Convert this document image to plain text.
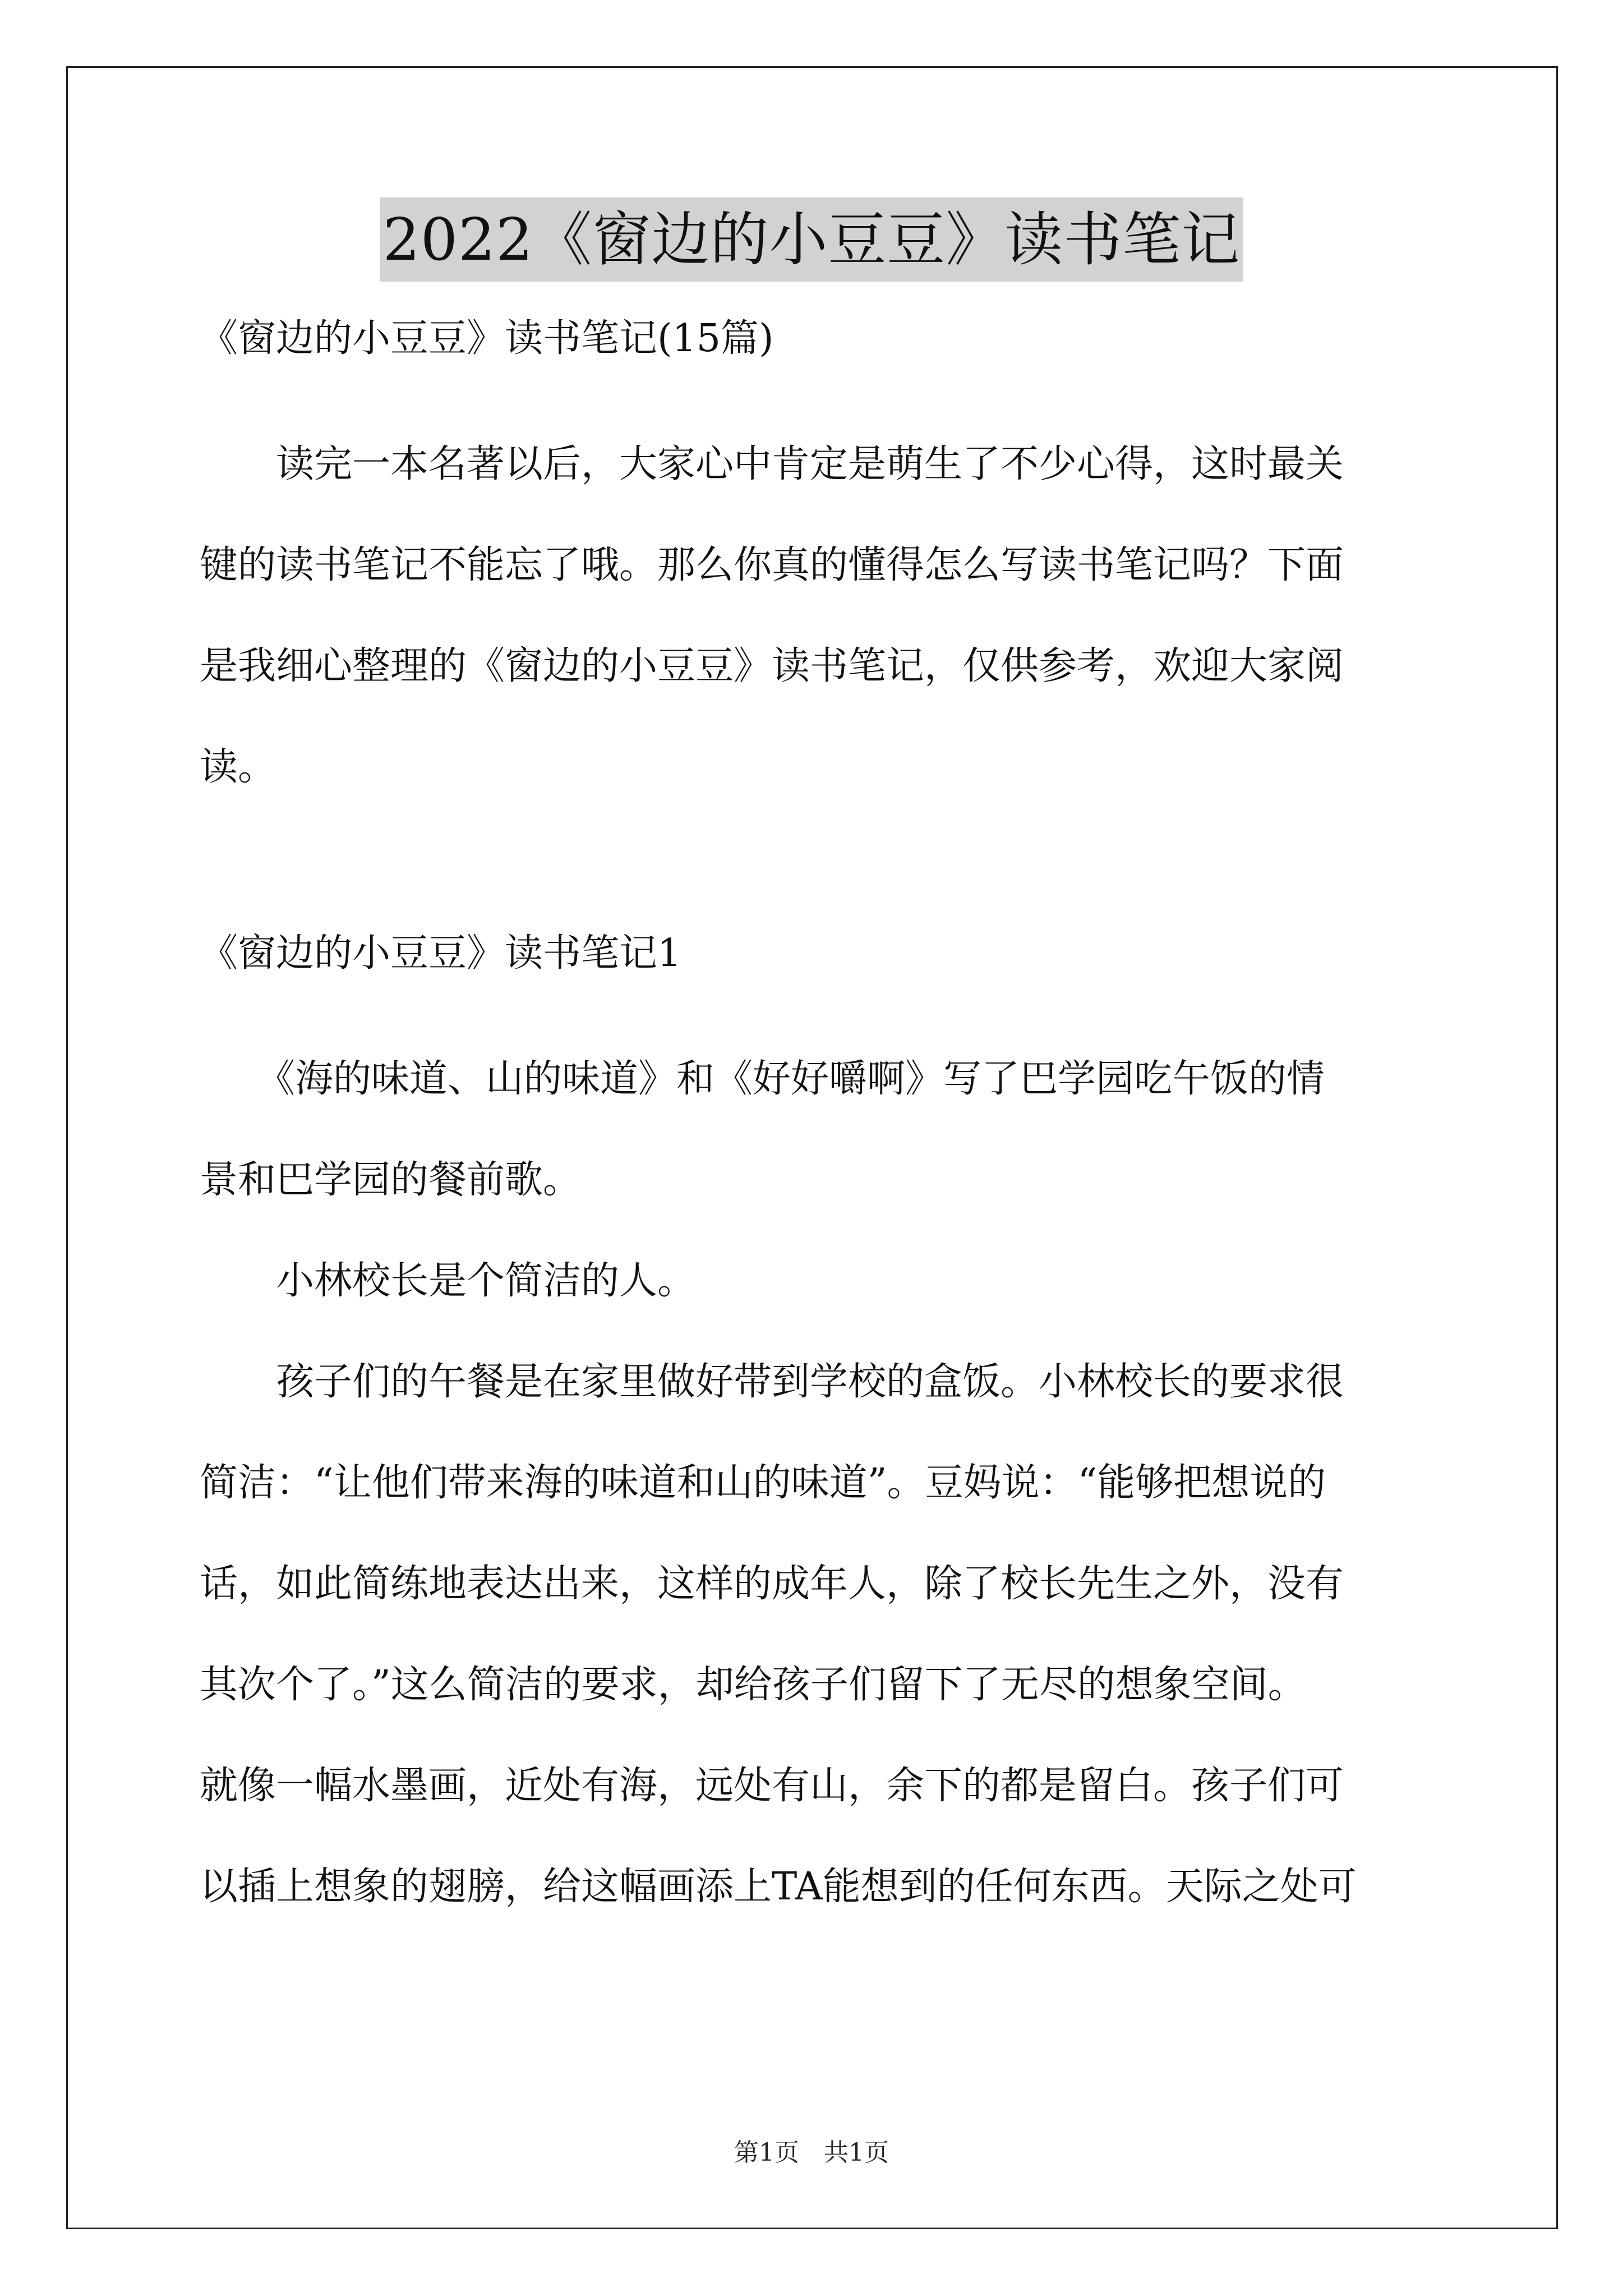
2022《窗边的小豆豆》读书笔记

《窗边的小豆豆》读书笔记(15篇)

　　读完一本名著以后，大家心中肯定是萌生了不少心得，这时最关

键的读书笔记不能忘了哦。那么你真的懂得怎么写读书笔记吗？下面

是我细心整理的《窗边的小豆豆》读书笔记，仅供参考，欢迎大家阅

读。

《窗边的小豆豆》读书笔记1

　　《海的味道、山的味道》和《好好嚼啊》写了巴学园吃午饭的情

景和巴学园的餐前歌。

　　小林校长是个简洁的人。

　　孩子们的午餐是在家里做好带到学校的盒饭。小林校长的要求很

简洁：“让他们带来海的味道和山的味道”。豆妈说：“能够把想说的

话，如此简练地表达出来，这样的成年人，除了校长先生之外，没有

其次个了。”这么简洁的要求，却给孩子们留下了无尽的想象空间。

就像一幅水墨画，近处有海，远处有山，余下的都是留白。孩子们可

以插上想象的翅膀，给这幅画添上TA能想到的任何东西。天际之处可

第1页　共1页
